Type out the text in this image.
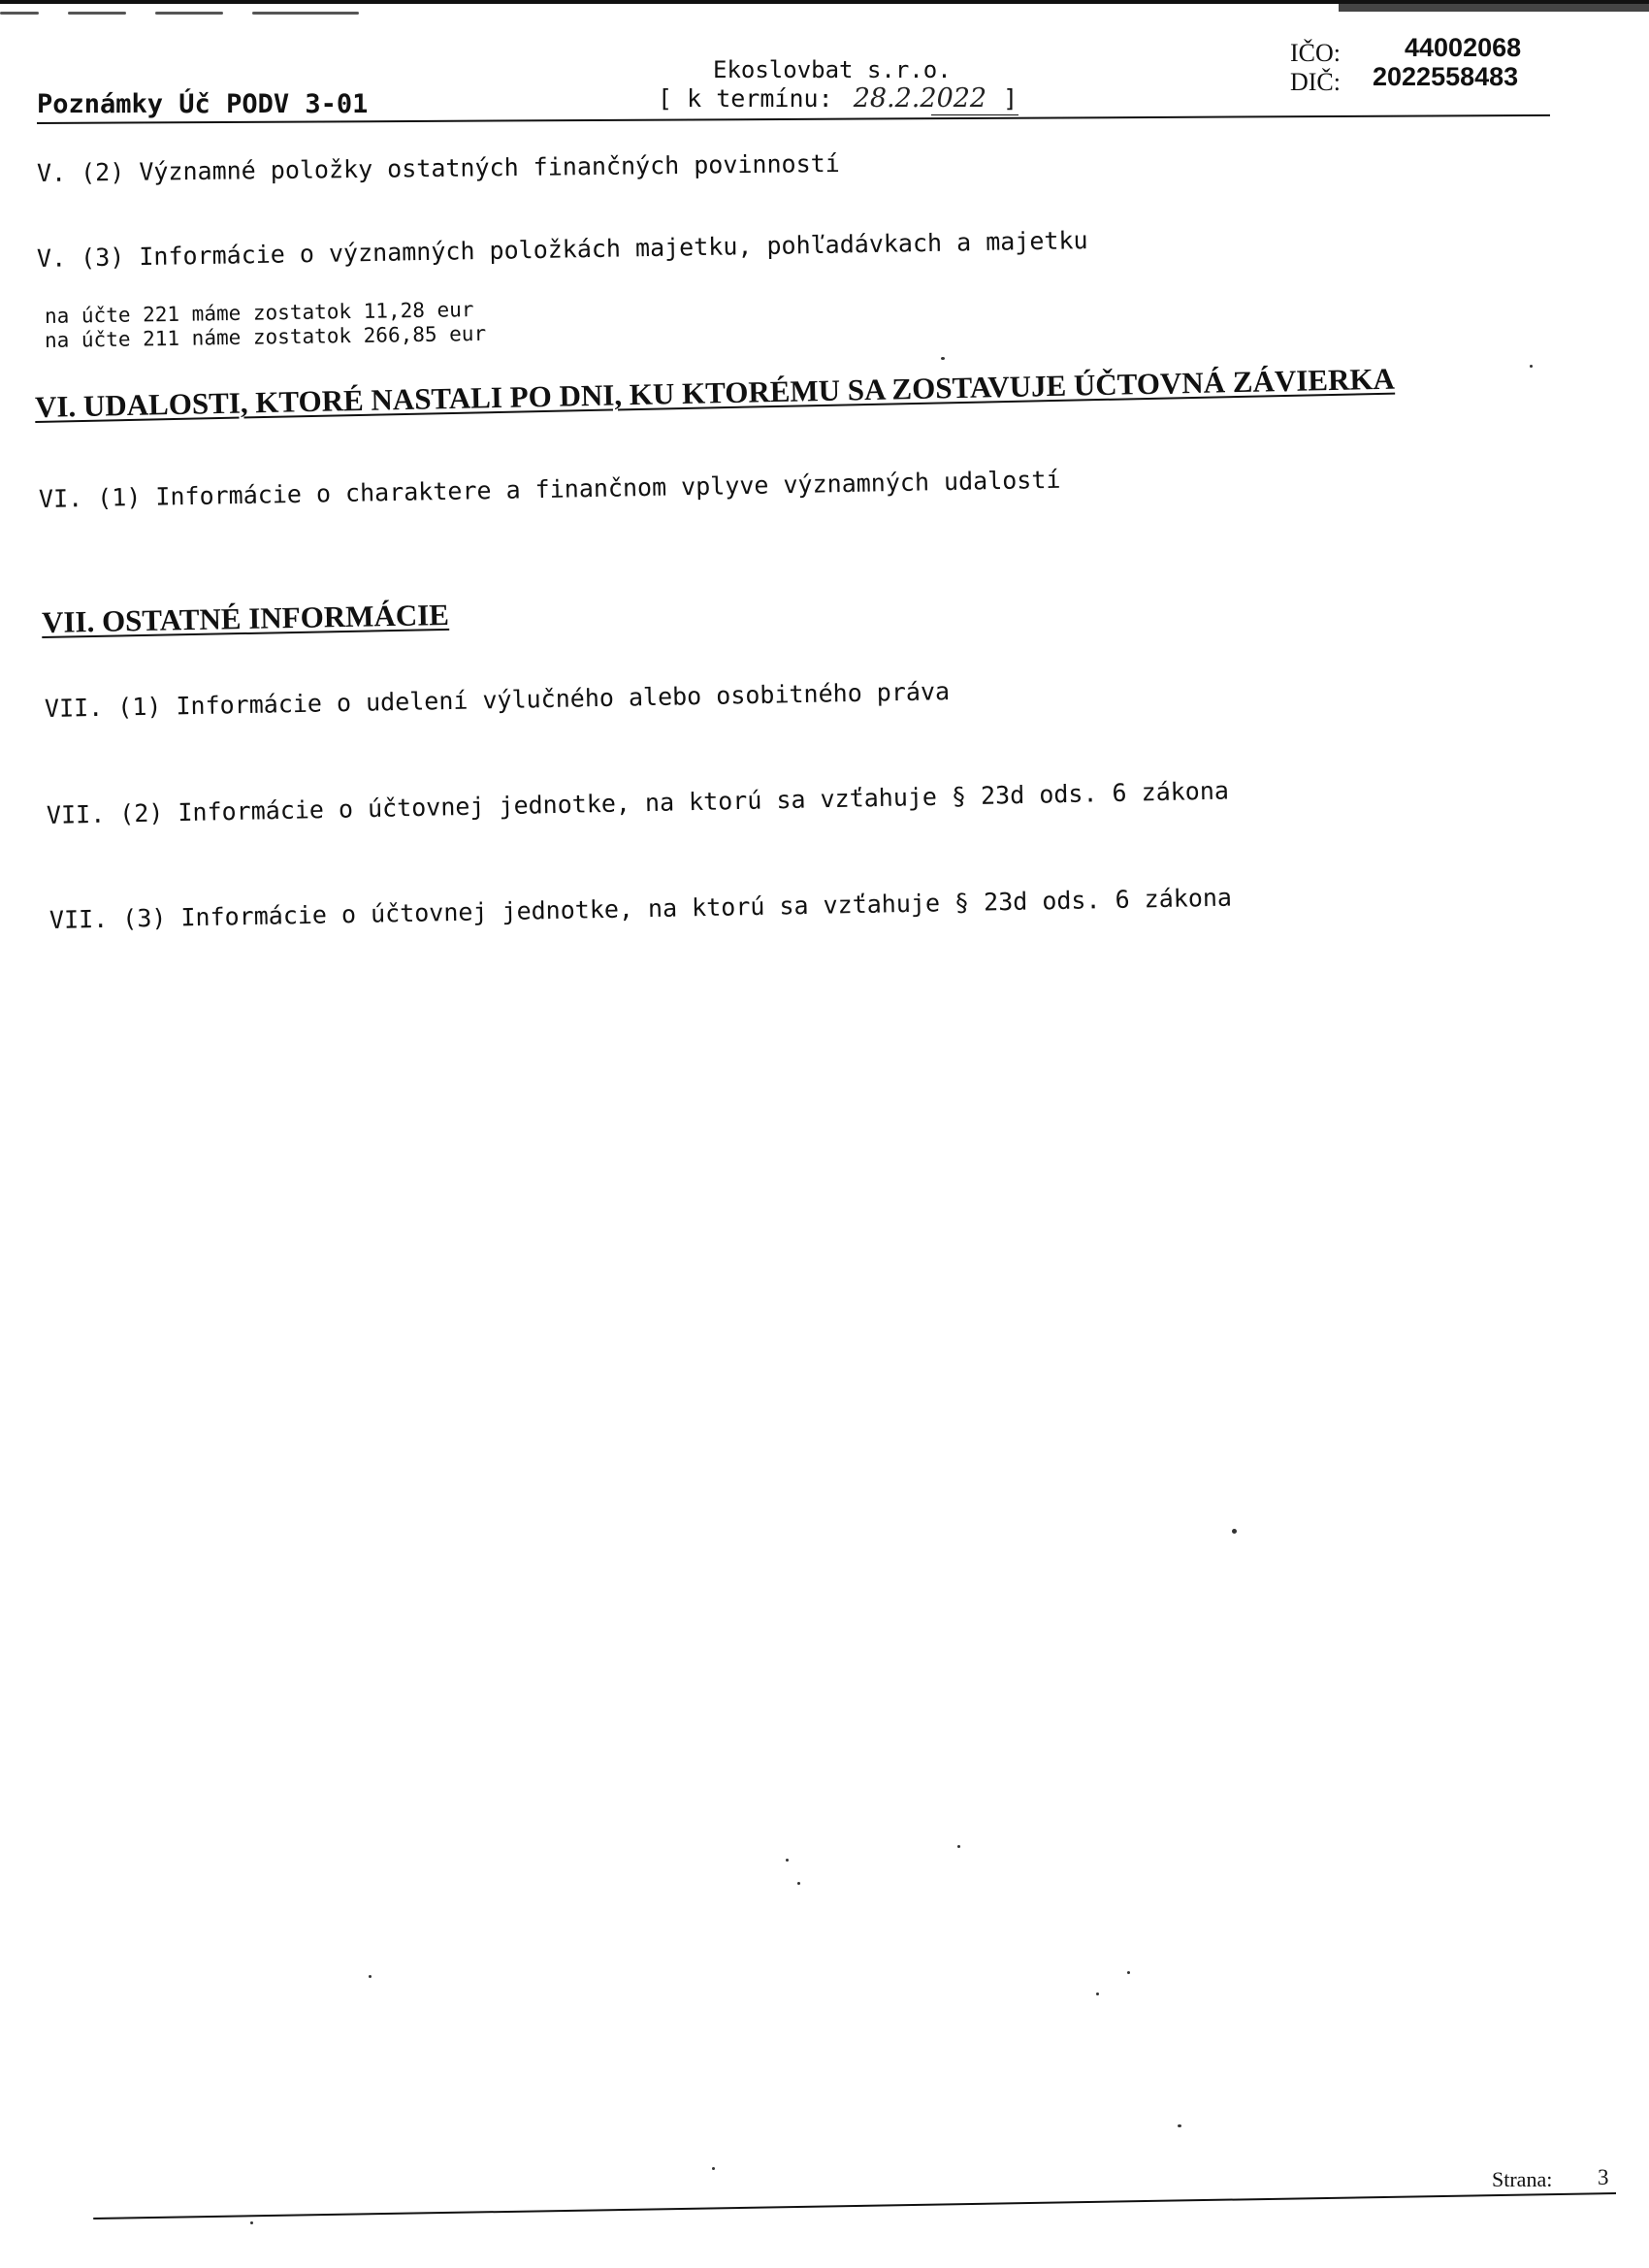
Poznámky Úč PODV 3-01
Ekoslovbat s.r.o.
[ k termínu: 28.2.2022 ]
IČO: 44002068
DIČ: 2022558483
V. (2) Významné položky ostatných finančných povinností
V. (3) Informácie o významných položkách majetku, pohľadávkach a majetku
na účte 221 máme zostatok 11,28 eur
na účte 211 náme zostatok 266,85 eur
VI. UDALOSTI, KTORÉ NASTALI PO DNI, KU KTORÉMU SA ZOSTAVUJE ÚČTOVNÁ ZÁVIERKA
VI. (1) Informácie o charaktere a finančnom vplyve významných udalostí
VII. OSTATNÉ INFORMÁCIE
VII. (1) Informácie o udelení výlučného alebo osobitného práva
VII. (2) Informácie o účtovnej jednotke, na ktorú sa vzťahuje § 23d ods. 6 zákona
VII. (3) Informácie o účtovnej jednotke, na ktorú sa vzťahuje § 23d ods. 6 zákona
Strana: 3
